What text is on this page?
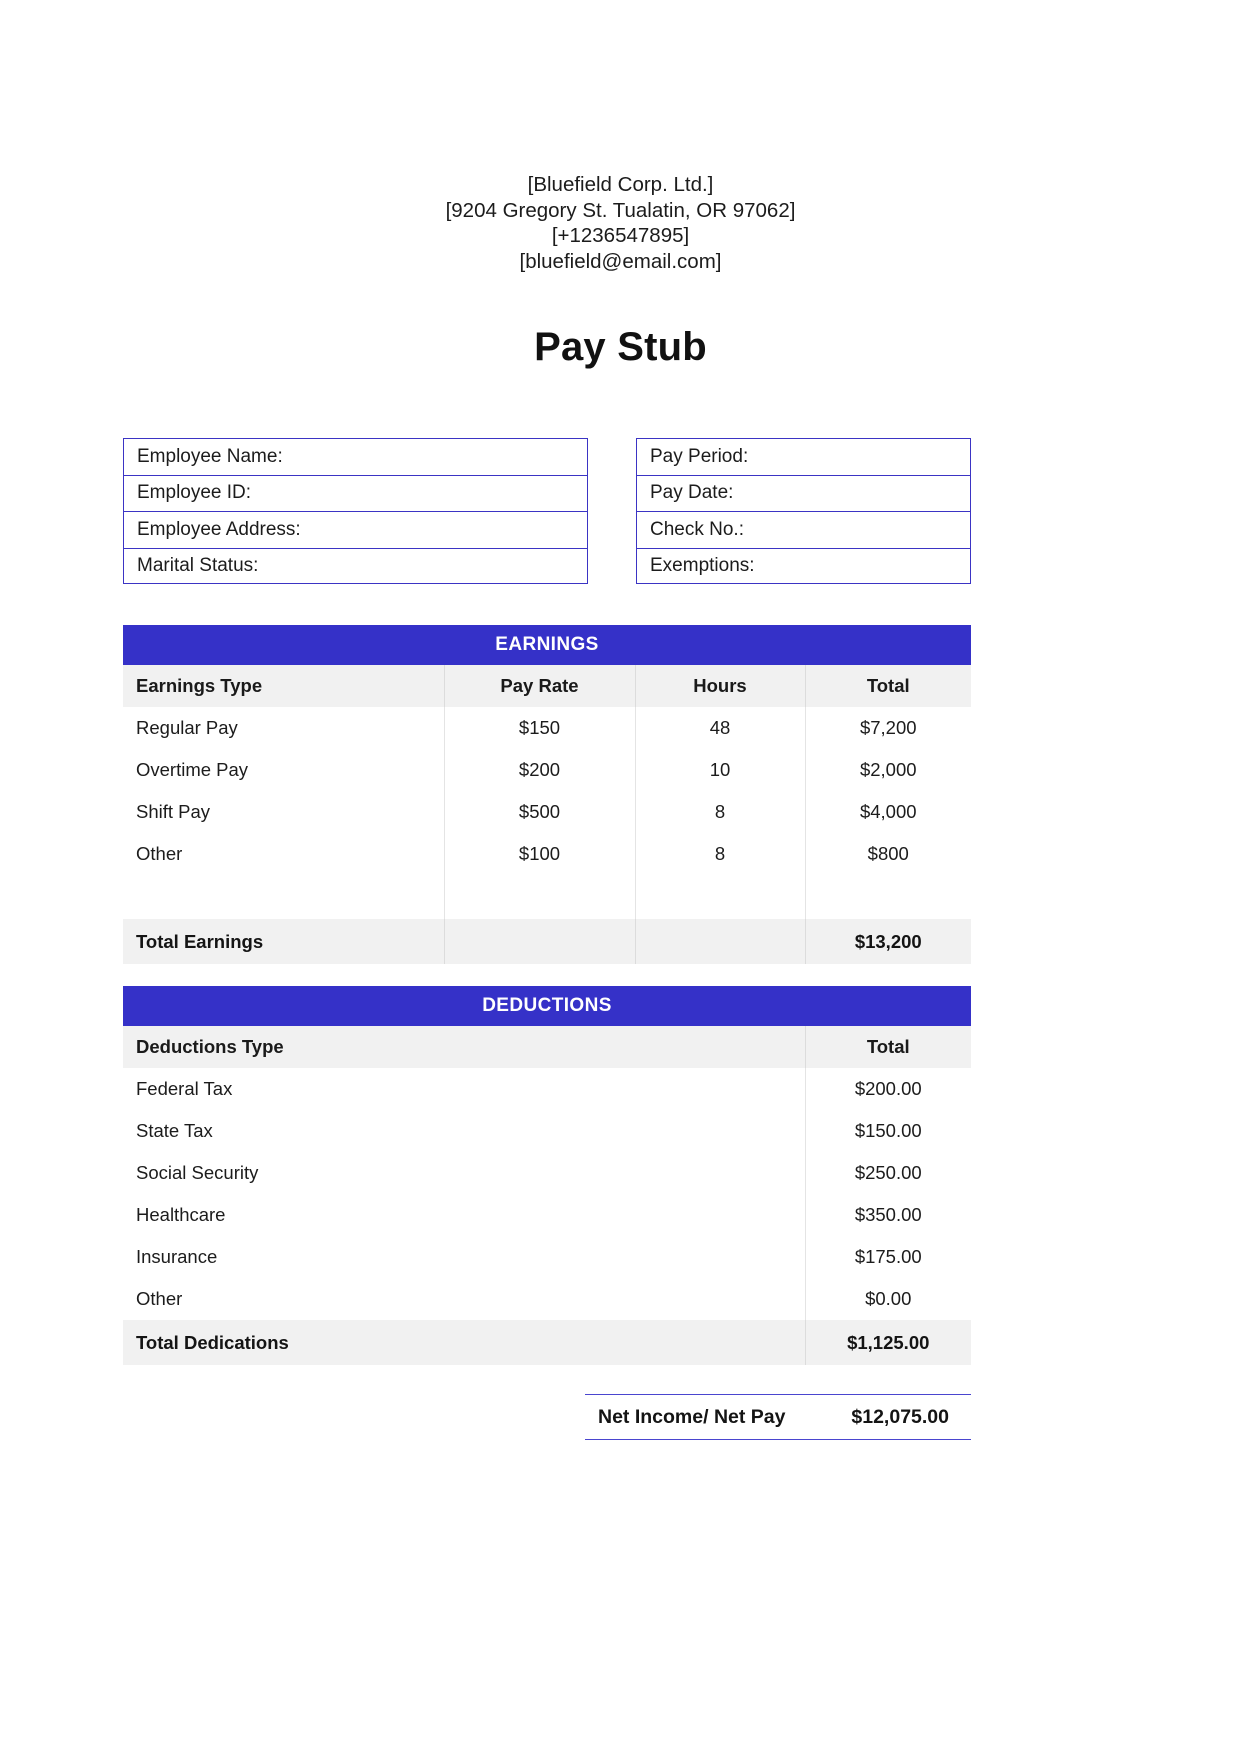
[Bluefield Corp. Ltd.]
[9204 Gregory St. Tualatin, OR 97062]
[+1236547895]
[bluefield@email.com]
Pay Stub
Employee Name:
Employee ID:
Employee Address:
Marital Status:
Pay Period:
Pay Date:
Check No.:
Exemptions:
EARNINGS			
Earnings Type	Pay Rate	Hours	Total
Regular Pay	$150	48	$7,200
Overtime Pay	$200	10	$2,000
Shift Pay	$500	8	$4,000
Other	$100	8	$800

Total Earnings			$13,200
DEDUCTIONS	
Deductions Type	Total
Federal Tax	$200.00
State Tax	$150.00
Social Security	$250.00
Healthcare	$350.00
Insurance	$175.00
Other	$0.00
Total Dedications	$1,125.00
Net Income/ Net Pay	$12,075.00
